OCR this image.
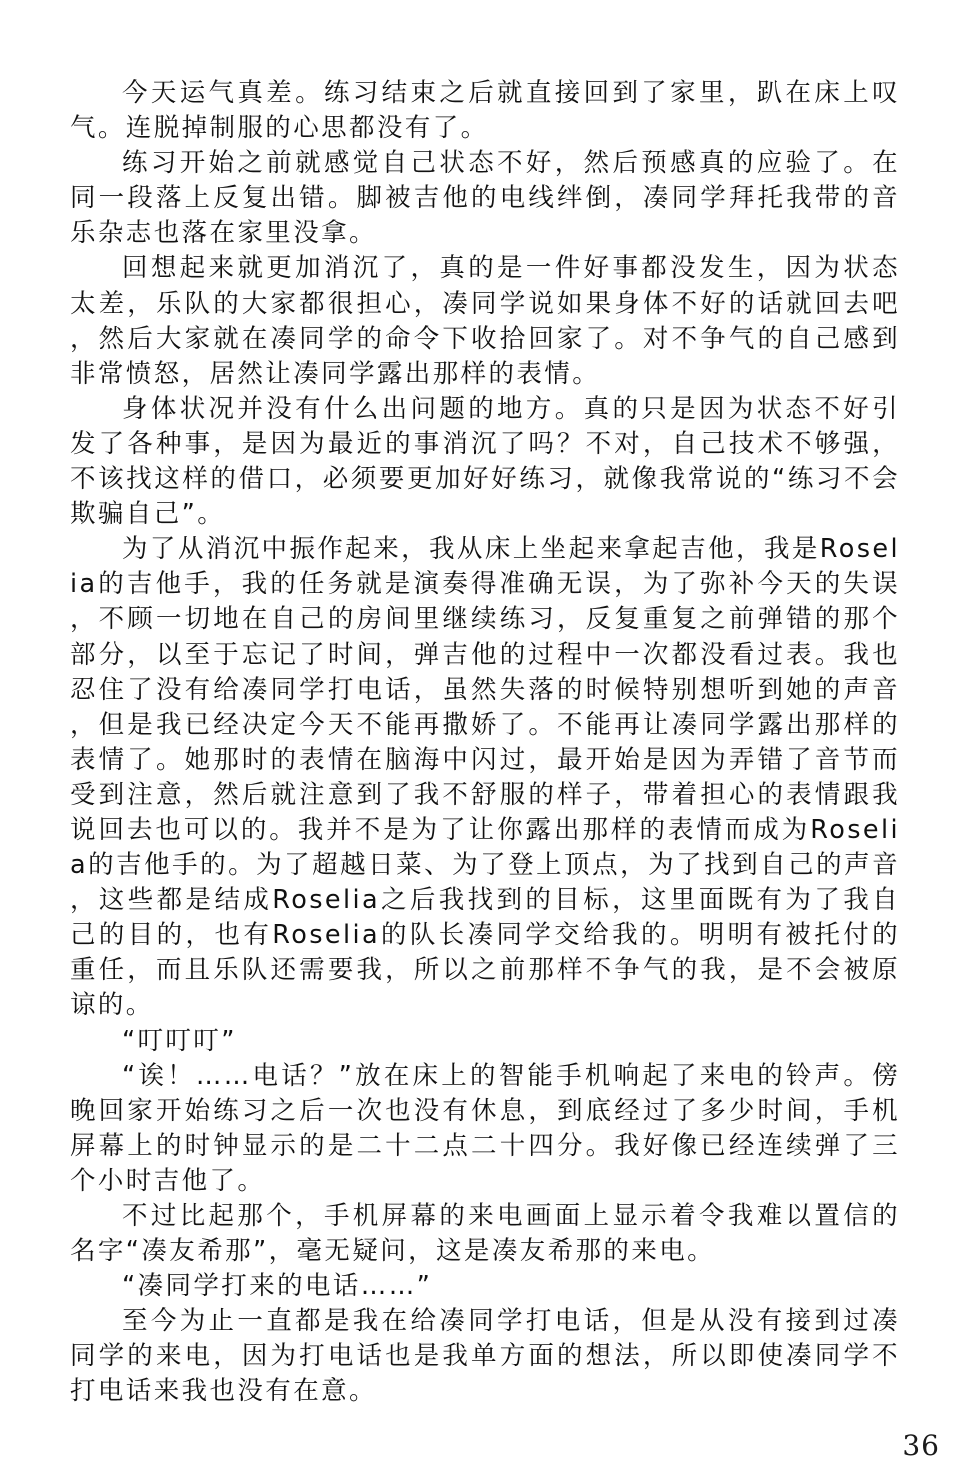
今天运气真差。练习结束之后就直接回到了家里，趴在床上叹气。连脱掉制服的心思都没有了。

练习开始之前就感觉自己状态不好，然后预感真的应验了。在同一段落上反复出错。脚被吉他的电线绊倒，凑同学拜托我带的音乐杂志也落在家里没拿。

回想起来就更加消沉了，真的是一件好事都没发生，因为状态太差，乐队的大家都很担心，凑同学说如果身体不好的话就回去吧，然后大家就在凑同学的命令下收拾回家了。对不争气的自己感到非常愤怒，居然让凑同学露出那样的表情。

身体状况并没有什么出问题的地方。真的只是因为状态不好引发了各种事，是因为最近的事消沉了吗？不对，自己技术不够强，不该找这样的借口，必须要更加好好练习，就像我常说的“练习不会欺骗自己”。

为了从消沉中振作起来，我从床上坐起来拿起吉他，我是Roselia的吉他手，我的任务就是演奏得准确无误，为了弥补今天的失误，不顾一切地在自己的房间里继续练习，反复重复之前弹错的那个部分，以至于忘记了时间，弹吉他的过程中一次都没看过表。我也忍住了没有给凑同学打电话，虽然失落的时候特别想听到她的声音，但是我已经决定今天不能再撒娇了。不能再让凑同学露出那样的表情了。她那时的表情在脑海中闪过，最开始是因为弄错了音节而受到注意，然后就注意到了我不舒服的样子，带着担心的表情跟我说回去也可以的。我并不是为了让你露出那样的表情而成为Roselia的吉他手的。为了超越日菜、为了登上顶点，为了找到自己的声音，这些都是结成Roselia之后我找到的目标，这里面既有为了我自己的目的，也有Roselia的队长凑同学交给我的。明明有被托付的重任，而且乐队还需要我，所以之前那样不争气的我，是不会被原谅的。

“叮叮叮”

“诶！……电话？”放在床上的智能手机响起了来电的铃声。傍晚回家开始练习之后一次也没有休息，到底经过了多少时间，手机屏幕上的时钟显示的是二十二点二十四分。我好像已经连续弹了三个小时吉他了。

不过比起那个，手机屏幕的来电画面上显示着令我难以置信的名字“凑友希那”，毫无疑问，这是凑友希那的来电。

“凑同学打来的电话……”

至今为止一直都是我在给凑同学打电话，但是从没有接到过凑同学的来电，因为打电话也是我单方面的想法，所以即使凑同学不打电话来我也没有在意。

36
